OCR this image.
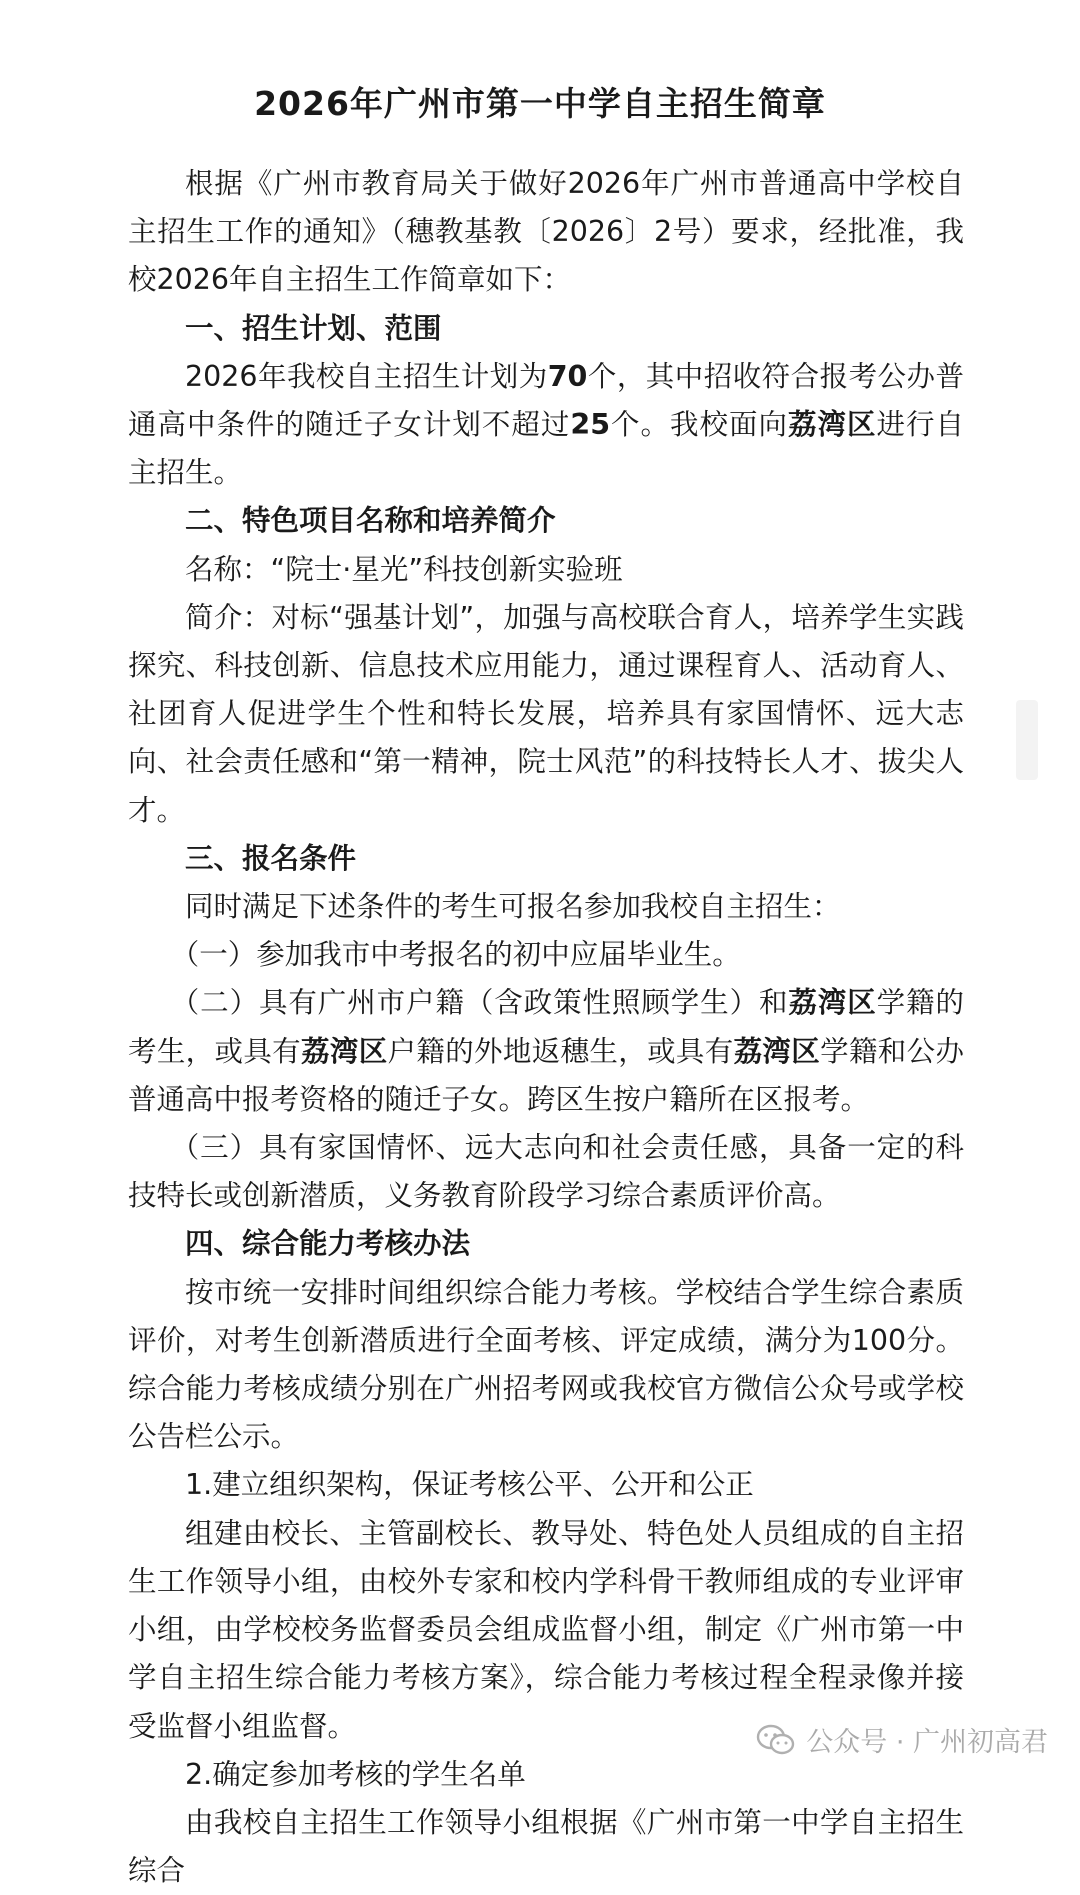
2026年广州市第一中学自主招生简章

根据《广州市教育局关于做好2026年广州市普通高中学校自主招生工作的通知》（穗教基教〔2026〕2号）要求，经批准，我校2026年自主招生工作简章如下：

一、招生计划、范围

2026年我校自主招生计划为70个，其中招收符合报考公办普通高中条件的随迁子女计划不超过25个。我校面向荔湾区进行自主招生。

二、特色项目名称和培养简介

名称：“院士·星光”科技创新实验班

简介：对标“强基计划”，加强与高校联合育人，培养学生实践探究、科技创新、信息技术应用能力，通过课程育人、活动育人、社团育人促进学生个性和特长发展，培养具有家国情怀、远大志向、社会责任感和“第一精神，院士风范”的科技特长人才、拔尖人才。

三、报名条件

同时满足下述条件的考生可报名参加我校自主招生：

（一）参加我市中考报名的初中应届毕业生。

（二）具有广州市户籍（含政策性照顾学生）和荔湾区学籍的考生，或具有荔湾区户籍的外地返穗生，或具有荔湾区学籍和公办普通高中报考资格的随迁子女。跨区生按户籍所在区报考。

（三）具有家国情怀、远大志向和社会责任感，具备一定的科技特长或创新潜质，义务教育阶段学习综合素质评价高。

四、综合能力考核办法

按市统一安排时间组织综合能力考核。学校结合学生综合素质评价，对考生创新潜质进行全面考核、评定成绩，满分为100分。综合能力考核成绩分别在广州招考网或我校官方微信公众号或学校公告栏公示。

1.建立组织架构，保证考核公平、公开和公正

组建由校长、主管副校长、教导处、特色处人员组成的自主招生工作领导小组，由校外专家和校内学科骨干教师组成的专业评审小组，由学校校务监督委员会组成监督小组，制定《广州市第一中学自主招生综合能力考核方案》，综合能力考核过程全程录像并接受监督小组监督。

2.确定参加考核的学生名单

由我校自主招生工作领导小组根据《广州市第一中学自主招生综合

公众号 · 广州初高君
